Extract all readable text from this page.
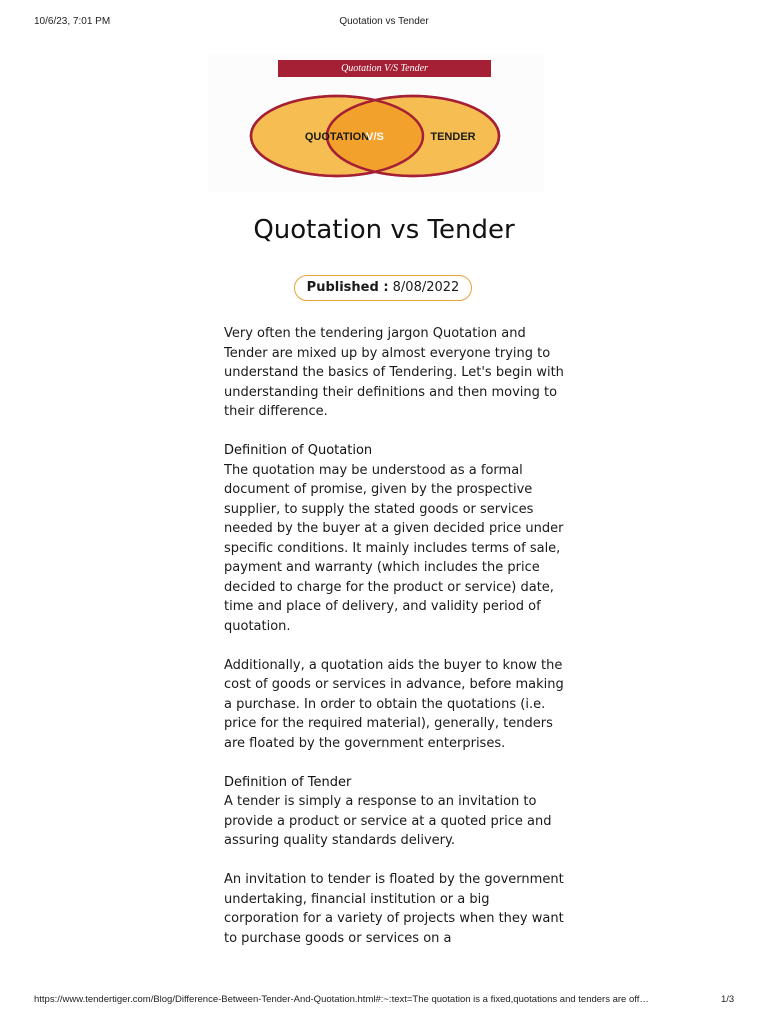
10/6/23, 7:01 PM	Quotation vs Tender
Quotation V/S Tender
QUOTATION
V/S	TENDER
Quotation vs Tender
Published : 8/08/2022

Very often the tendering jargon Quotation and Tender are mixed up by almost everyone trying to understand the basics of Tendering. Let's begin with understanding their definitions and then moving to their difference.

Definition of Quotation
The quotation may be understood as a formal document of promise, given by the prospective supplier, to supply the stated goods or services needed by the buyer at a given decided price under specific conditions. It mainly includes terms of sale, payment and warranty (which includes the price decided to charge for the product or service) date, time and place of delivery, and validity period of quotation.

Additionally, a quotation aids the buyer to know the cost of goods or services in advance, before making a purchase. In order to obtain the quotations (i.e. price for the required material), generally, tenders are floated by the government enterprises.

Definition of Tender
A tender is simply a response to an invitation to provide a product or service at a quoted price and assuring quality standards delivery.

An invitation to tender is floated by the government undertaking, financial institution or a big corporation for a variety of projects when they want to purchase goods or services on a

https://www.tendertiger.com/Blog/Difference-Between-Tender-And-Quotation.html#:~:text=The quotation is a fixed,quotations and tenders are off…	1/3
